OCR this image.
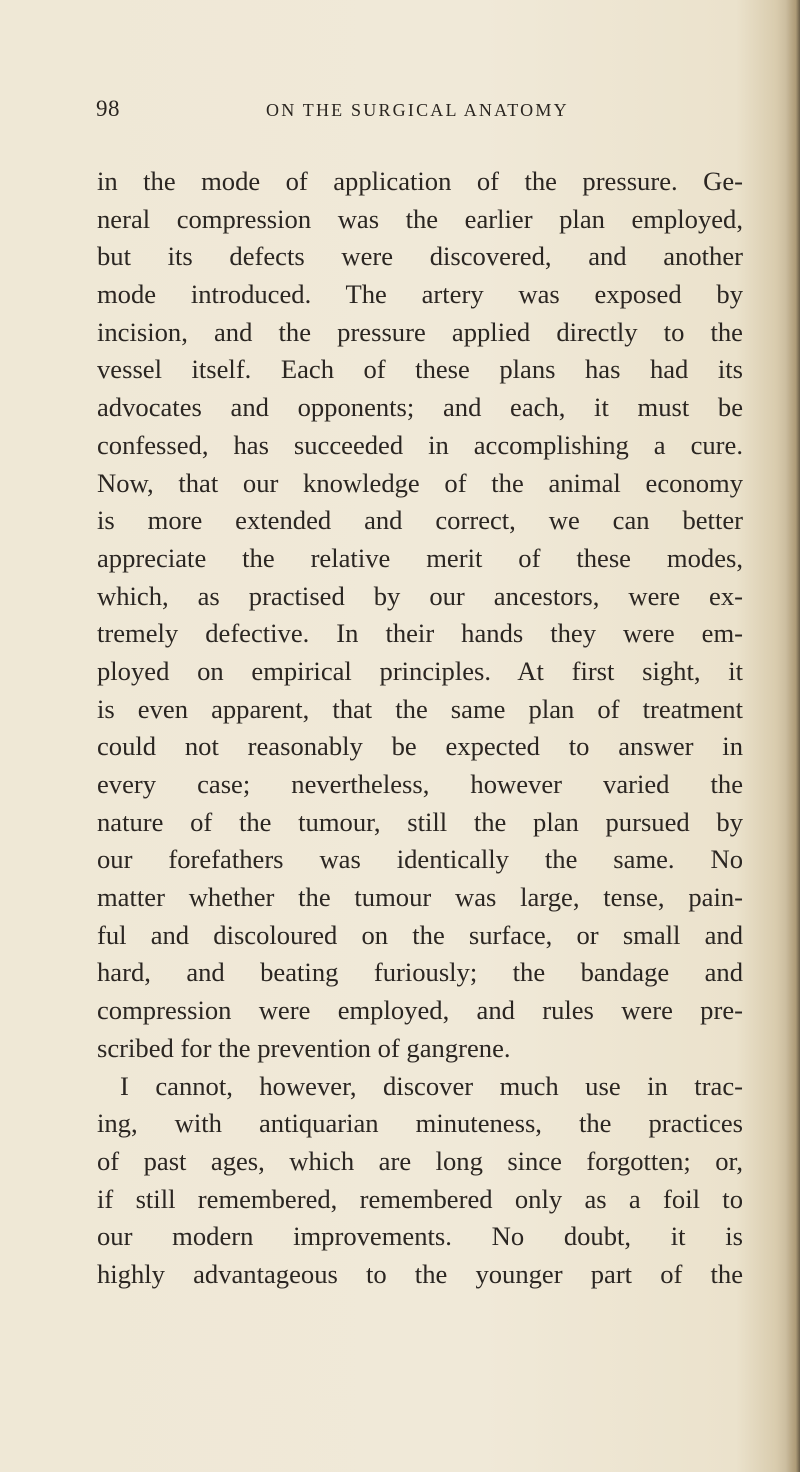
98	ON THE SURGICAL ANATOMY
in the mode of application of the pressure. Ge-
neral compression was the earlier plan employed,
but its defects were discovered, and another
mode introduced. The artery was exposed by
incision, and the pressure applied directly to the
vessel itself. Each of these plans has had its
advocates and opponents; and each, it must be
confessed, has succeeded in accomplishing a cure.
Now, that our knowledge of the animal economy
is more extended and correct, we can better
appreciate the relative merit of these modes,
which, as practised by our ancestors, were ex-
tremely defective. In their hands they were em-
ployed on empirical principles. At first sight, it
is even apparent, that the same plan of treatment
could not reasonably be expected to answer in
every case; nevertheless, however varied the
nature of the tumour, still the plan pursued by
our forefathers was identically the same. No
matter whether the tumour was large, tense, pain-
ful and discoloured on the surface, or small and
hard, and beating furiously; the bandage and
compression were employed, and rules were pre-
scribed for the prevention of gangrene.
I cannot, however, discover much use in trac-
ing, with antiquarian minuteness, the practices
of past ages, which are long since forgotten; or,
if still remembered, remembered only as a foil to
our modern improvements. No doubt, it is
highly advantageous to the younger part of the
